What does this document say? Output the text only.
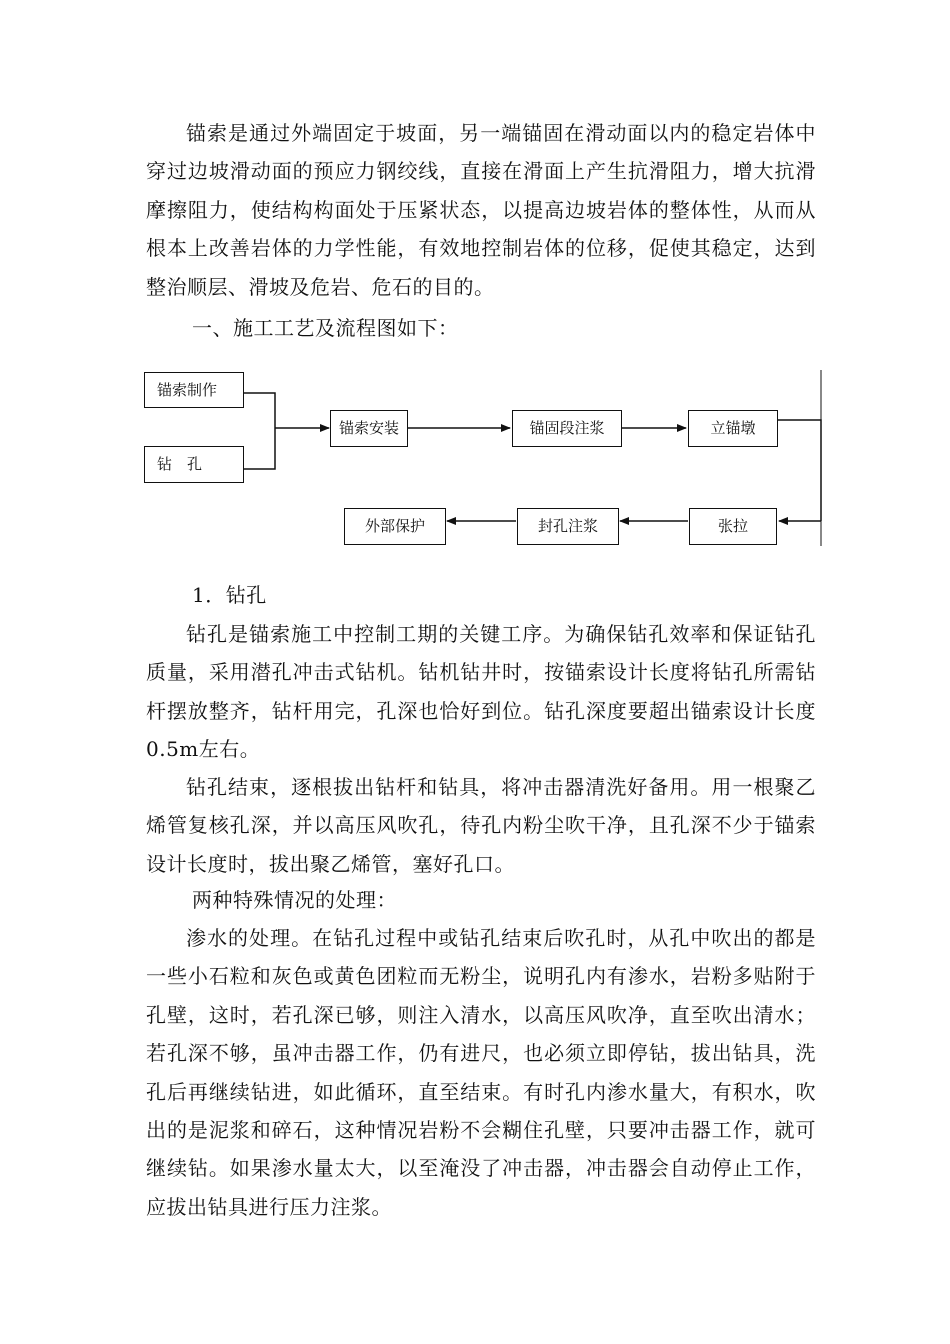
锚索是通过外端固定于坡面，另一端锚固在滑动面以内的稳定岩体中穿过边坡滑动面的预应力钢绞线，直接在滑面上产生抗滑阻力，增大抗滑摩擦阻力，使结构构面处于压紧状态，以提高边坡岩体的整体性，从而从根本上改善岩体的力学性能，有效地控制岩体的位移，促使其稳定，达到整治顺层、滑坡及危岩、危石的目的。

一、施工工艺及流程图如下：

锚索制作
钻　孔
锚索安装	锚固段注浆	立锚墩
张拉
封孔注浆
外部保护

1．钻孔

钻孔是锚索施工中控制工期的关键工序。为确保钻孔效率和保证钻孔质量，采用潜孔冲击式钻机。钻机钻井时，按锚索设计长度将钻孔所需钻杆摆放整齐，钻杆用完，孔深也恰好到位。钻孔深度要超出锚索设计长度0.5m左右。

钻孔结束，逐根拔出钻杆和钻具，将冲击器清洗好备用。用一根聚乙烯管复核孔深，并以高压风吹孔，待孔内粉尘吹干净，且孔深不少于锚索设计长度时，拔出聚乙烯管，塞好孔口。

两种特殊情况的处理：

渗水的处理。在钻孔过程中或钻孔结束后吹孔时，从孔中吹出的都是一些小石粒和灰色或黄色团粒而无粉尘，说明孔内有渗水，岩粉多贴附于孔壁，这时，若孔深已够，则注入清水，以高压风吹净，直至吹出清水；若孔深不够，虽冲击器工作，仍有进尺，也必须立即停钻，拔出钻具，洗孔后再继续钻进，如此循环，直至结束。有时孔内渗水量大，有积水，吹出的是泥浆和碎石，这种情况岩粉不会糊住孔壁，只要冲击器工作，就可继续钻。如果渗水量太大，以至淹没了冲击器，冲击器会自动停止工作，应拔出钻具进行压力注浆。
